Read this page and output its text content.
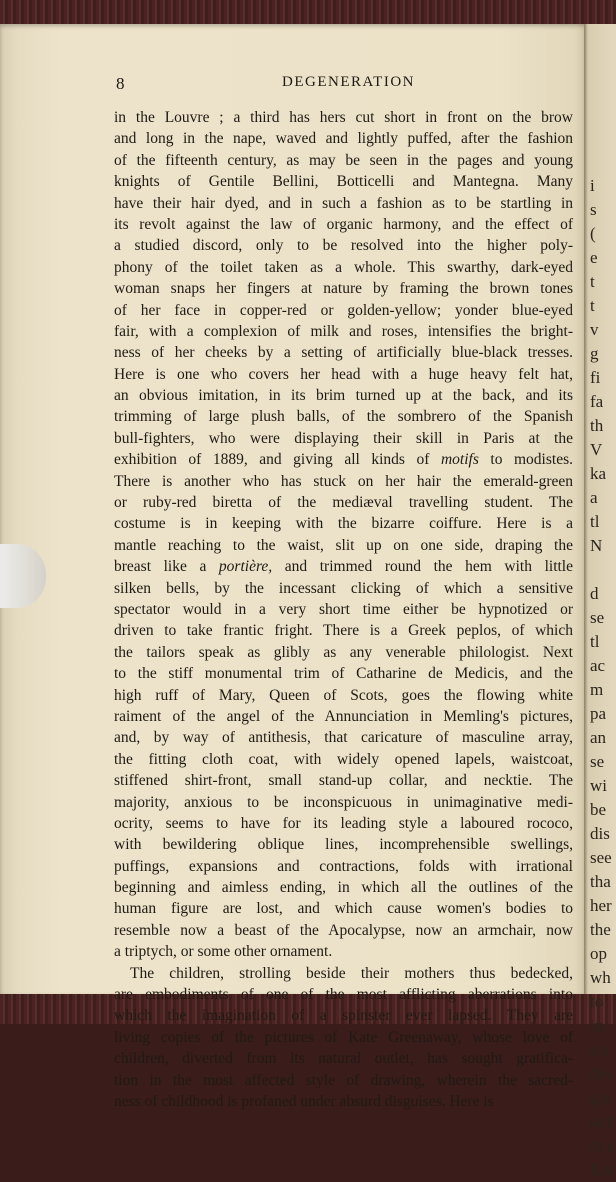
i
s
(
e
t
t
v
g
fi
fa
th
V
ka
a
tl
N
d
se
tl
ac
m
pa
an
se
wi
be
dis
see
tha
her
the
op
wh
to
in
tru
des
gar
stri
to s
Eac
8	DEGENERATION
in the Louvre ; a third has hers cut short in front on the brow
and long in the nape, waved and lightly puffed, after the fashion
of the fifteenth century, as may be seen in the pages and young
knights of Gentile Bellini, Botticelli and Mantegna. Many
have their hair dyed, and in such a fashion as to be startling in
its revolt against the law of organic harmony, and the effect of
a studied discord, only to be resolved into the higher poly-
phony of the toilet taken as a whole. This swarthy, dark-eyed
woman snaps her fingers at nature by framing the brown tones
of her face in copper-red or golden-yellow; yonder blue-eyed
fair, with a complexion of milk and roses, intensifies the bright-
ness of her cheeks by a setting of artificially blue-black tresses.
Here is one who covers her head with a huge heavy felt hat,
an obvious imitation, in its brim turned up at the back, and its
trimming of large plush balls, of the sombrero of the Spanish
bull-fighters, who were displaying their skill in Paris at the
exhibition of 1889, and giving all kinds of motifs to modistes.
There is another who has stuck on her hair the emerald-green
or ruby-red biretta of the mediæval travelling student. The
costume is in keeping with the bizarre coiffure. Here is a
mantle reaching to the waist, slit up on one side, draping the
breast like a portière, and trimmed round the hem with little
silken bells, by the incessant clicking of which a sensitive
spectator would in a very short time either be hypnotized or
driven to take frantic fright. There is a Greek peplos, of which
the tailors speak as glibly as any venerable philologist. Next
to the stiff monumental trim of Catharine de Medicis, and the
high ruff of Mary, Queen of Scots, goes the flowing white
raiment of the angel of the Annunciation in Memling's pictures,
and, by way of antithesis, that caricature of masculine array,
the fitting cloth coat, with widely opened lapels, waistcoat,
stiffened shirt-front, small stand-up collar, and necktie. The
majority, anxious to be inconspicuous in unimaginative medi-
ocrity, seems to have for its leading style a laboured rococo,
with bewildering oblique lines, incomprehensible swellings,
puffings, expansions and contractions, folds with irrational
beginning and aimless ending, in which all the outlines of the
human figure are lost, and which cause women's bodies to
resemble now a beast of the Apocalypse, now an armchair, now
a triptych, or some other ornament.
The children, strolling beside their mothers thus bedecked,
are embodiments of one of the most afflicting aberrations into
which the imagination of a spinster ever lapsed. They are
living copies of the pictures of Kate Greenaway, whose love of
children, diverted from its natural outlet, has sought gratifica-
tion in the most affected style of drawing, wherein the sacred-
ness of childhood is profaned under absurd disguises. Here is
